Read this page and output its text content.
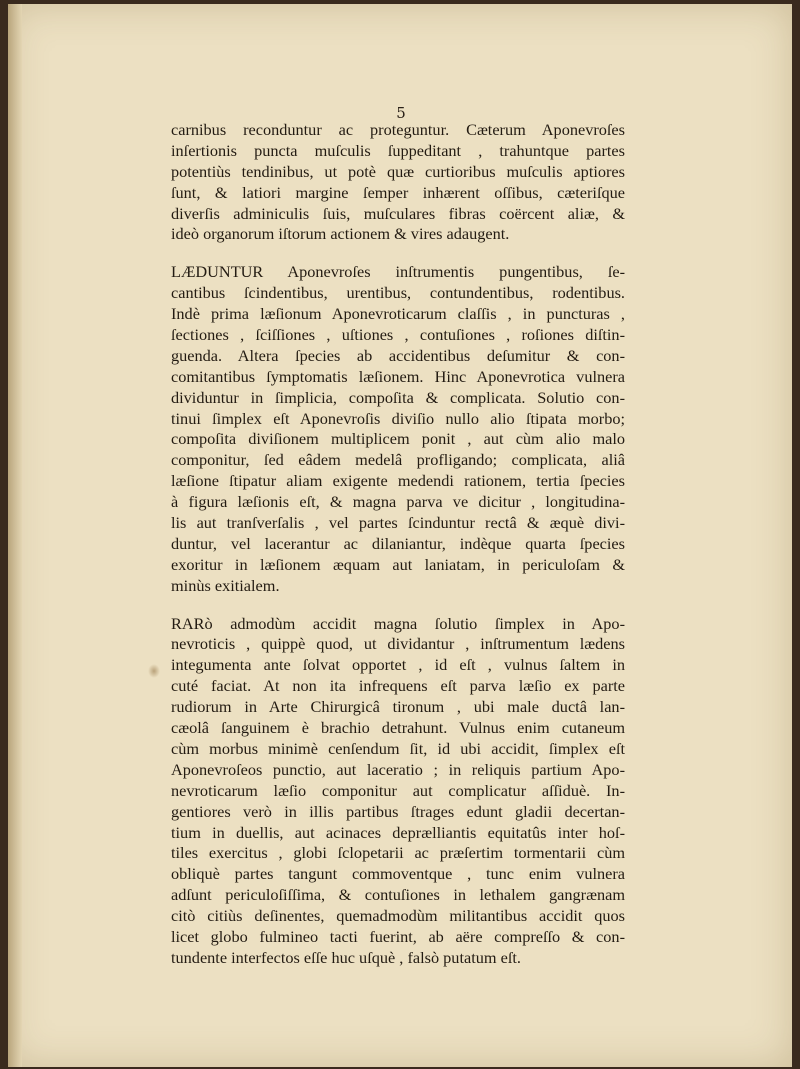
5
carnibus reconduntur ac proteguntur. Cæterum Aponevroſes
inſertionis puncta muſculis ſuppeditant , trahuntque partes
potentiùs tendinibus, ut potè quæ curtioribus muſculis aptiores
ſunt, & latiori margine ſemper inhærent oſſibus, cæteriſque
diverſis adminiculis ſuis, muſculares fibras coërcent aliæ, &
ideò organorum iſtorum actionem & vires adaugent.
LÆDUNTUR Aponevroſes inſtrumentis pungentibus, ſe-
cantibus ſcindentibus, urentibus, contundentibus, rodentibus.
Indè prima læſionum Aponevroticarum claſſis , in puncturas ,
ſectiones , ſciſſiones , uſtiones , contuſiones , roſiones diſtin-
guenda. Altera ſpecies ab accidentibus deſumitur & con-
comitantibus ſymptomatis læſionem. Hinc Aponevrotica vulnera
dividuntur in ſimplicia, compoſita & complicata. Solutio con-
tinui ſimplex eſt Aponevroſis diviſio nullo alio ſtipata morbo;
compoſita diviſionem multiplicem ponit , aut cùm alio malo
componitur, ſed eâdem medelâ profligando; complicata, aliâ
læſione ſtipatur aliam exigente medendi rationem, tertia ſpecies
à figura læſionis eſt, & magna parva ve dicitur , longitudina-
lis aut tranſverſalis , vel partes ſcinduntur rectâ & æquè divi-
duntur, vel lacerantur ac dilaniantur, indèque quarta ſpecies
exoritur in læſionem æquam aut laniatam, in periculoſam &
minùs exitialem.
RARò admodùm accidit magna ſolutio ſimplex in Apo-
nevroticis , quippè quod, ut dividantur , inſtrumentum lædens
integumenta ante ſolvat opportet , id eſt , vulnus ſaltem in
cuté faciat. At non ita infrequens eſt parva læſio ex parte
rudiorum in Arte Chirurgicâ tironum , ubi male ductâ lan-
cæolâ ſanguinem è brachio detrahunt. Vulnus enim cutaneum
cùm morbus minimè cenſendum ſit, id ubi accidit, ſimplex eſt
Aponevroſeos punctio, aut laceratio ; in reliquis partium Apo-
nevroticarum læſio componitur aut complicatur aſſiduè. In-
gentiores verò in illis partibus ſtrages edunt gladii decertan-
tium in duellis, aut acinaces deprælliantis equitatûs inter hoſ-
tiles exercitus , globi ſclopetarii ac præſertim tormentarii cùm
obliquè partes tangunt commoventque , tunc enim vulnera
adſunt periculoſiſſima, & contuſiones in lethalem gangrænam
citò citiùs deſinentes, quemadmodùm militantibus accidit quos
licet globo fulmineo tacti fuerint, ab aëre compreſſo & con-
tundente interfectos eſſe huc uſquè , falsò putatum eſt.
